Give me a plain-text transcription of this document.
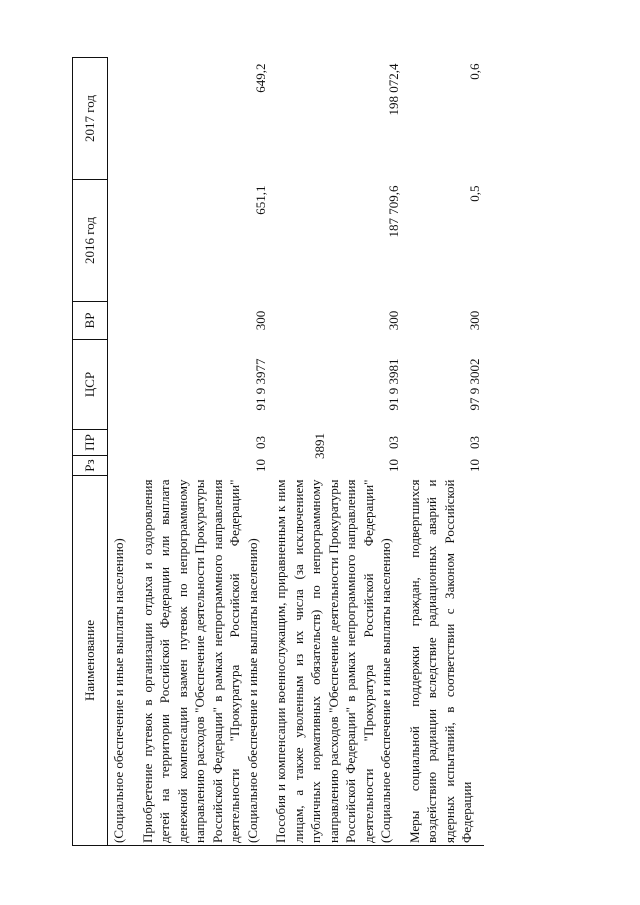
3891
Наименование	Рз	ПР	ЦСР	ВР	2016 год	2017 год
(Социальное обеспечение и иные выплаты населению)						
Приобретение путевок в организации отдыха и оздоровления детей на территории Российской Федерации или выплата денежной компенсации взамен путевок по непрограммному направлению расходов "Обеспечение деятельности Прокуратуры Российской Федерации" в рамках непрограммного направления деятельности "Прокуратура Российской Федерации" (Социальное обеспечение и иные выплаты населению)	10	03	91 9 3977	300	651,1	649,2
Пособия и компенсации военнослужащим, приравненным к ним лицам, а также уволенным из их числа (за исключением публичных нормативных обязательств) по непрограммному направлению расходов "Обеспечение деятельности Прокуратуры Российской Федерации" в рамках непрограммного направления деятельности "Прокуратура Российской Федерации" (Социальное обеспечение и иные выплаты населению)	10	03	91 9 3981	300	187 709,6	198 072,4
Меры социальной поддержки граждан, подвергшихся воздействию радиации вследствие радиационных аварий и ядерных испытаний, в соответствии с Законом Российской Федерации	10	03	97 9 3002	300	0,5	0,6
